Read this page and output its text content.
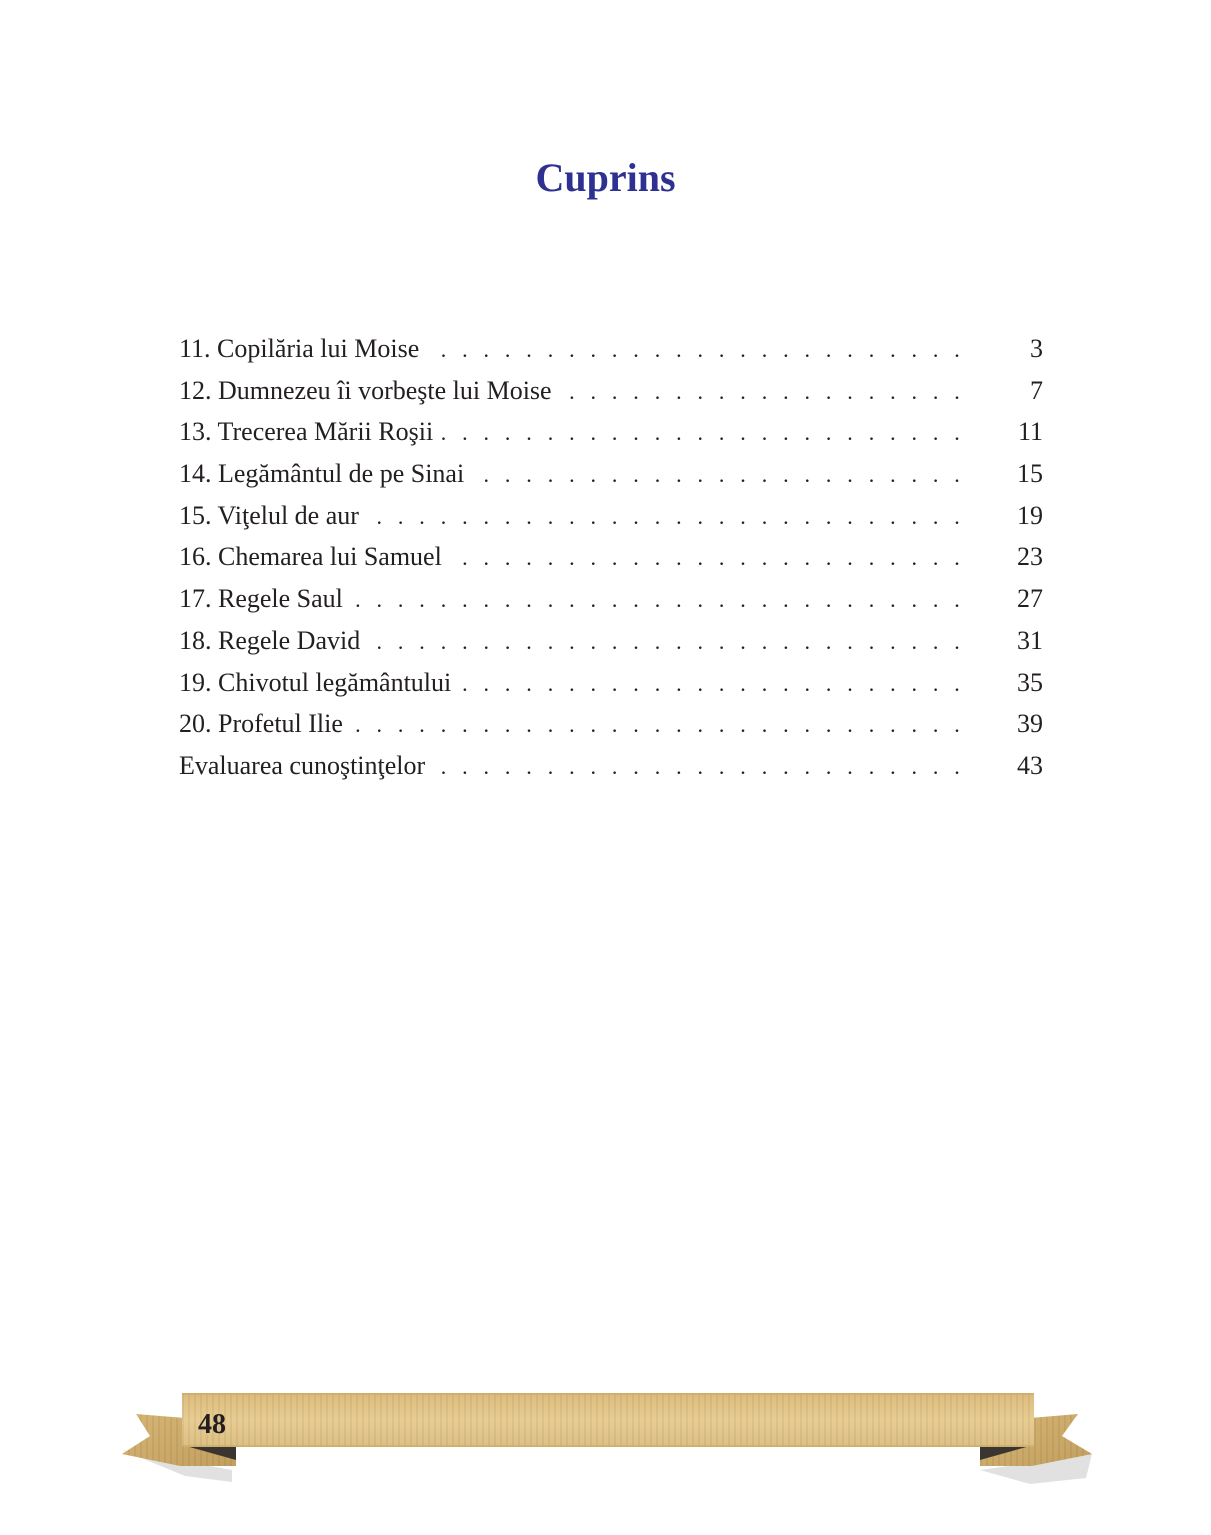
Cuprins
11. Copilăria lui Moise . . .	3
12. Dumnezeu îi vorbeşte lui Moise . . .	7
13. Trecerea Mării Roşii . . .	11
14. Legământul de pe Sinai . . .	15
15. Viţelul de aur . . .	19
16. Chemarea lui Samuel . . .	23
17. Regele Saul . . .	27
18. Regele David . . .	31
19. Chivotul legământului . . .	35
20. Profetul Ilie . . .	39
Evaluarea cunoştinţelor . . .	43
48
